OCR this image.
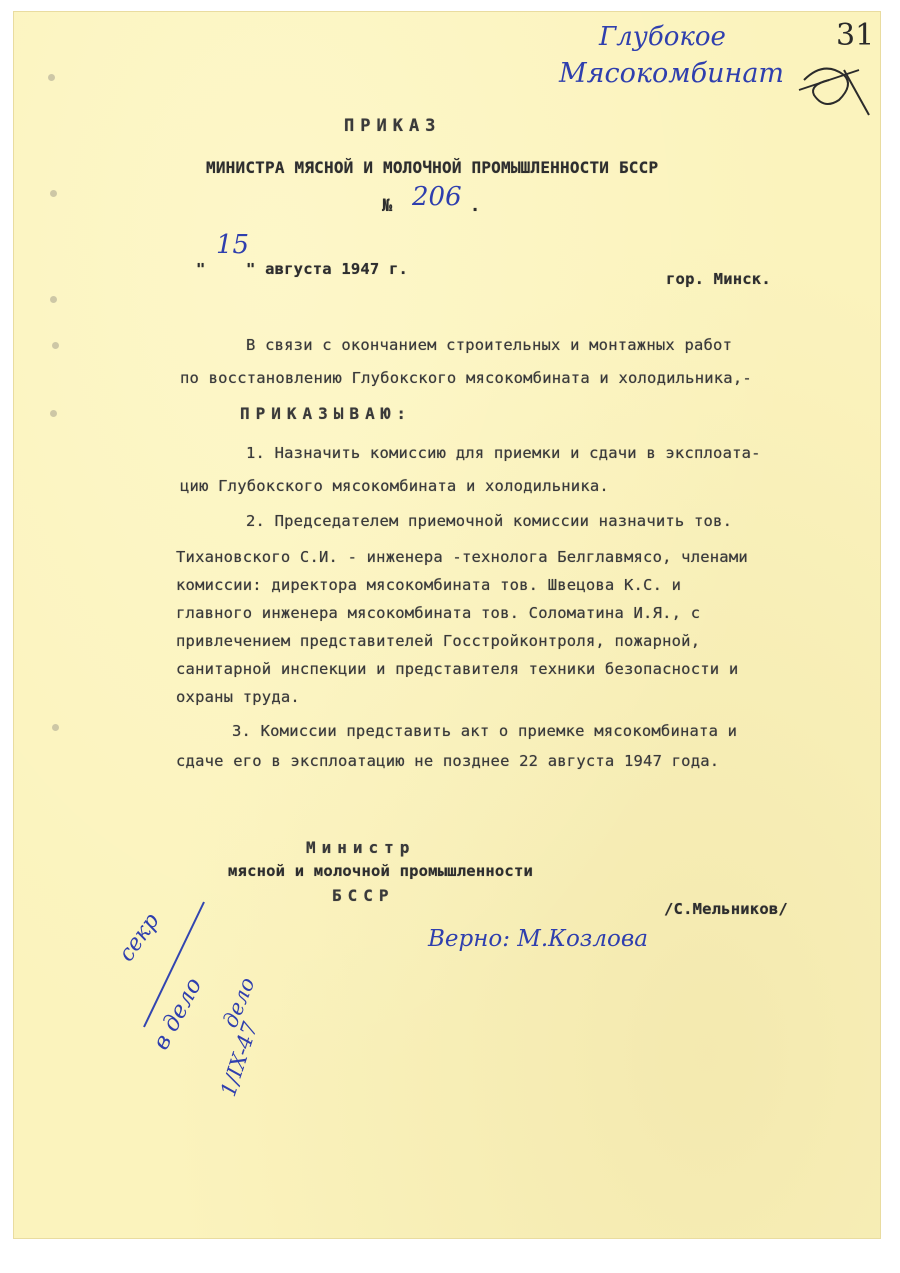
Глубокое
Мясокомбинат
31
ПРИКАЗ
МИНИСТРА МЯСНОЙ И МОЛОЧНОЙ ПРОМЫШЛЕННОСТИ БССР
№ 206 .
"
15
" августа 1947 г.
гор. Минск.
В связи с окончанием строительных и монтажных работ
по восстановлению Глубокского мясокомбината и холодильника,-
ПРИКАЗЫВАЮ:
1. Назначить комиссию для приемки и сдачи в эксплоата-
цию Глубокского мясокомбината и холодильника.
2. Председателем приемочной комиссии назначить тов.
Тихановского С.И. - инженера -технолога Белглавмясо, членами
комиссии: директора мясокомбината тов. Швецова К.С. и
главного инженера мясокомбината тов. Соломатина И.Я., с
привлечением представителей Госстройконтроля, пожарной,
санитарной инспекции и представителя техники безопасности и
охраны труда.
3. Комиссии представить акт о приемке мясокомбината и
сдаче его в эксплоатацию не позднее 22 августа 1947 года.
Министр
мясной и молочной промышленности
БССР
/С.Мельников/
Верно: М.Козлова
секр
в дело дело
1/IX-47
